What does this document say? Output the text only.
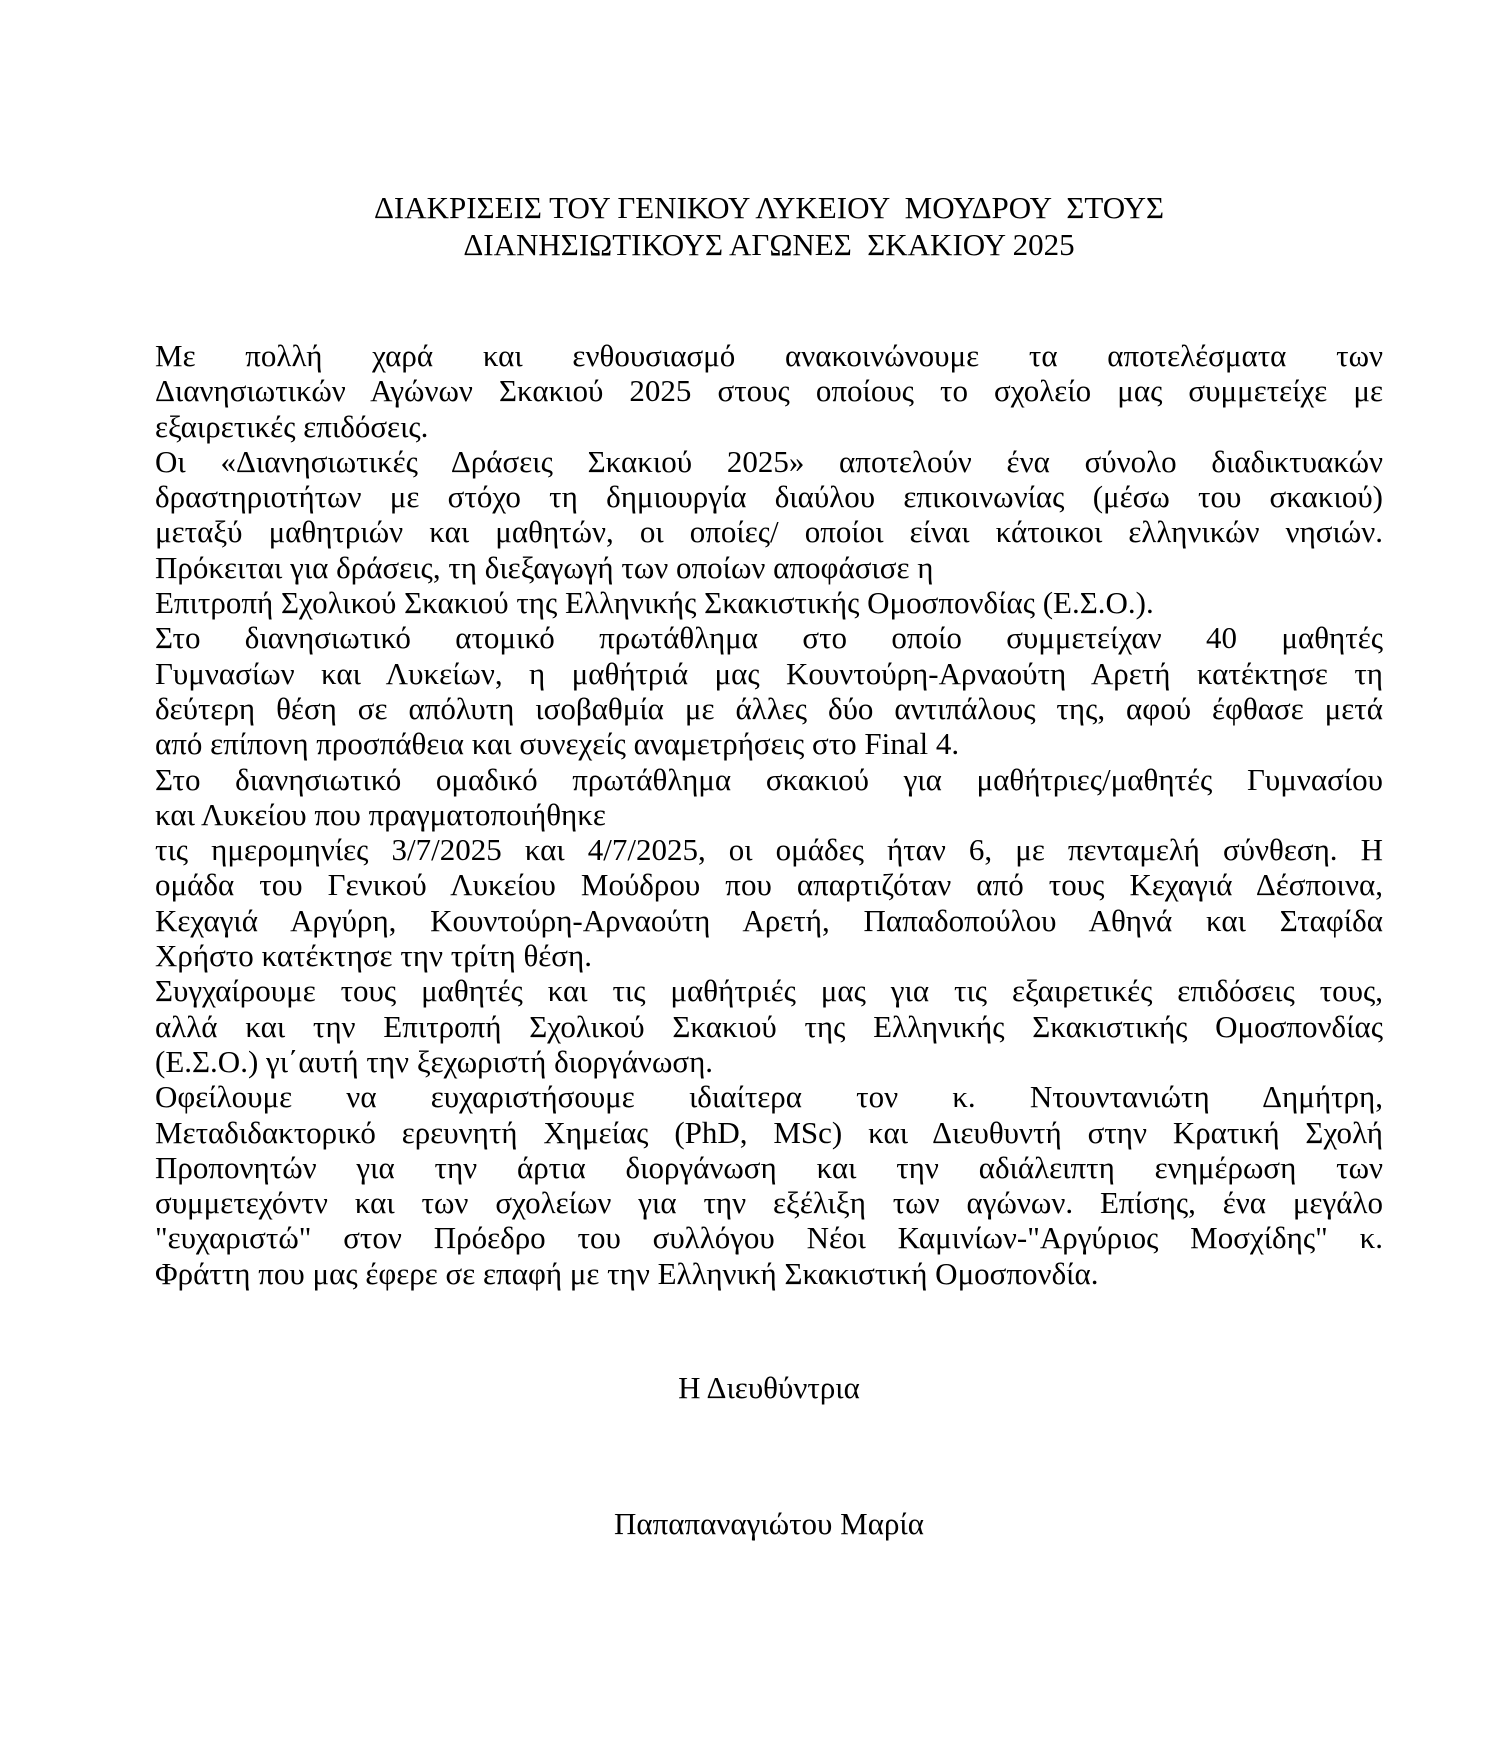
ΔΙΑΚΡΙΣΕΙΣ ΤΟΥ ΓΕΝΙΚΟΥ ΛΥΚΕΙΟΥ  ΜΟΥΔΡΟΥ  ΣΤΟΥΣ
ΔΙΑΝΗΣΙΩΤΙΚΟΥΣ ΑΓΩΝΕΣ  ΣΚΑΚΙΟΥ 2025
Με πολλή χαρά και ενθουσιασμό ανακοινώνουμε τα αποτελέσματα των
Διανησιωτικών Αγώνων Σκακιού 2025 στους οποίους το σχολείο μας συμμετείχε με
εξαιρετικές επιδόσεις.
Οι «Διανησιωτικές Δράσεις Σκακιού 2025» αποτελούν ένα σύνολο διαδικτυακών
δραστηριοτήτων με στόχο τη δημιουργία διαύλου επικοινωνίας (μέσω του σκακιού)
μεταξύ μαθητριών και μαθητών, οι οποίες/ οποίοι είναι κάτοικοι ελληνικών νησιών.
Πρόκειται για δράσεις, τη διεξαγωγή των οποίων αποφάσισε η
Επιτροπή Σχολικού Σκακιού της Ελληνικής Σκακιστικής Ομοσπονδίας (Ε.Σ.Ο.).
Στο διανησιωτικό ατομικό πρωτάθλημα στο οποίο συμμετείχαν 40 μαθητές
Γυμνασίων και Λυκείων, η μαθήτριά μας Κουντούρη-Αρναούτη Αρετή κατέκτησε τη
δεύτερη θέση σε απόλυτη ισοβαθμία με άλλες δύο αντιπάλους της, αφού έφθασε μετά
από επίπονη προσπάθεια και συνεχείς αναμετρήσεις στο Final 4.
Στο διανησιωτικό ομαδικό πρωτάθλημα σκακιού για μαθήτριες/μαθητές Γυμνασίου
και Λυκείου που πραγματοποιήθηκε
τις ημερομηνίες 3/7/2025 και 4/7/2025, οι ομάδες ήταν 6, με πενταμελή σύνθεση. Η
ομάδα του Γενικού Λυκείου Μούδρου που απαρτιζόταν από τους Κεχαγιά Δέσποινα,
Κεχαγιά Αργύρη, Κουντούρη-Αρναούτη Αρετή, Παπαδοπούλου Αθηνά και Σταφίδα
Χρήστο κατέκτησε την τρίτη θέση.
Συγχαίρουμε τους μαθητές και τις μαθήτριές μας για τις εξαιρετικές επιδόσεις τους,
αλλά και την Επιτροπή Σχολικού Σκακιού της Ελληνικής Σκακιστικής Ομοσπονδίας
(Ε.Σ.Ο.) γι΄αυτή την ξεχωριστή διοργάνωση.
Οφείλουμε να ευχαριστήσουμε ιδιαίτερα τον κ. Ντουντανιώτη Δημήτρη,
Μεταδιδακτορικό ερευνητή Χημείας (PhD, MSc) και Διευθυντή στην Κρατική Σχολή
Προπονητών για την άρτια διοργάνωση και την αδιάλειπτη ενημέρωση των
συμμετεχόντν και των σχολείων για την εξέλιξη των αγώνων. Επίσης, ένα μεγάλο
"ευχαριστώ" στον Πρόεδρο του συλλόγου Νέοι Καμινίων-"Αργύριος Μοσχίδης" κ.
Φράττη που μας έφερε σε επαφή με την Ελληνική Σκακιστική Ομοσπονδία.
Η Διευθύντρια
Παπαπαναγιώτου Μαρία
